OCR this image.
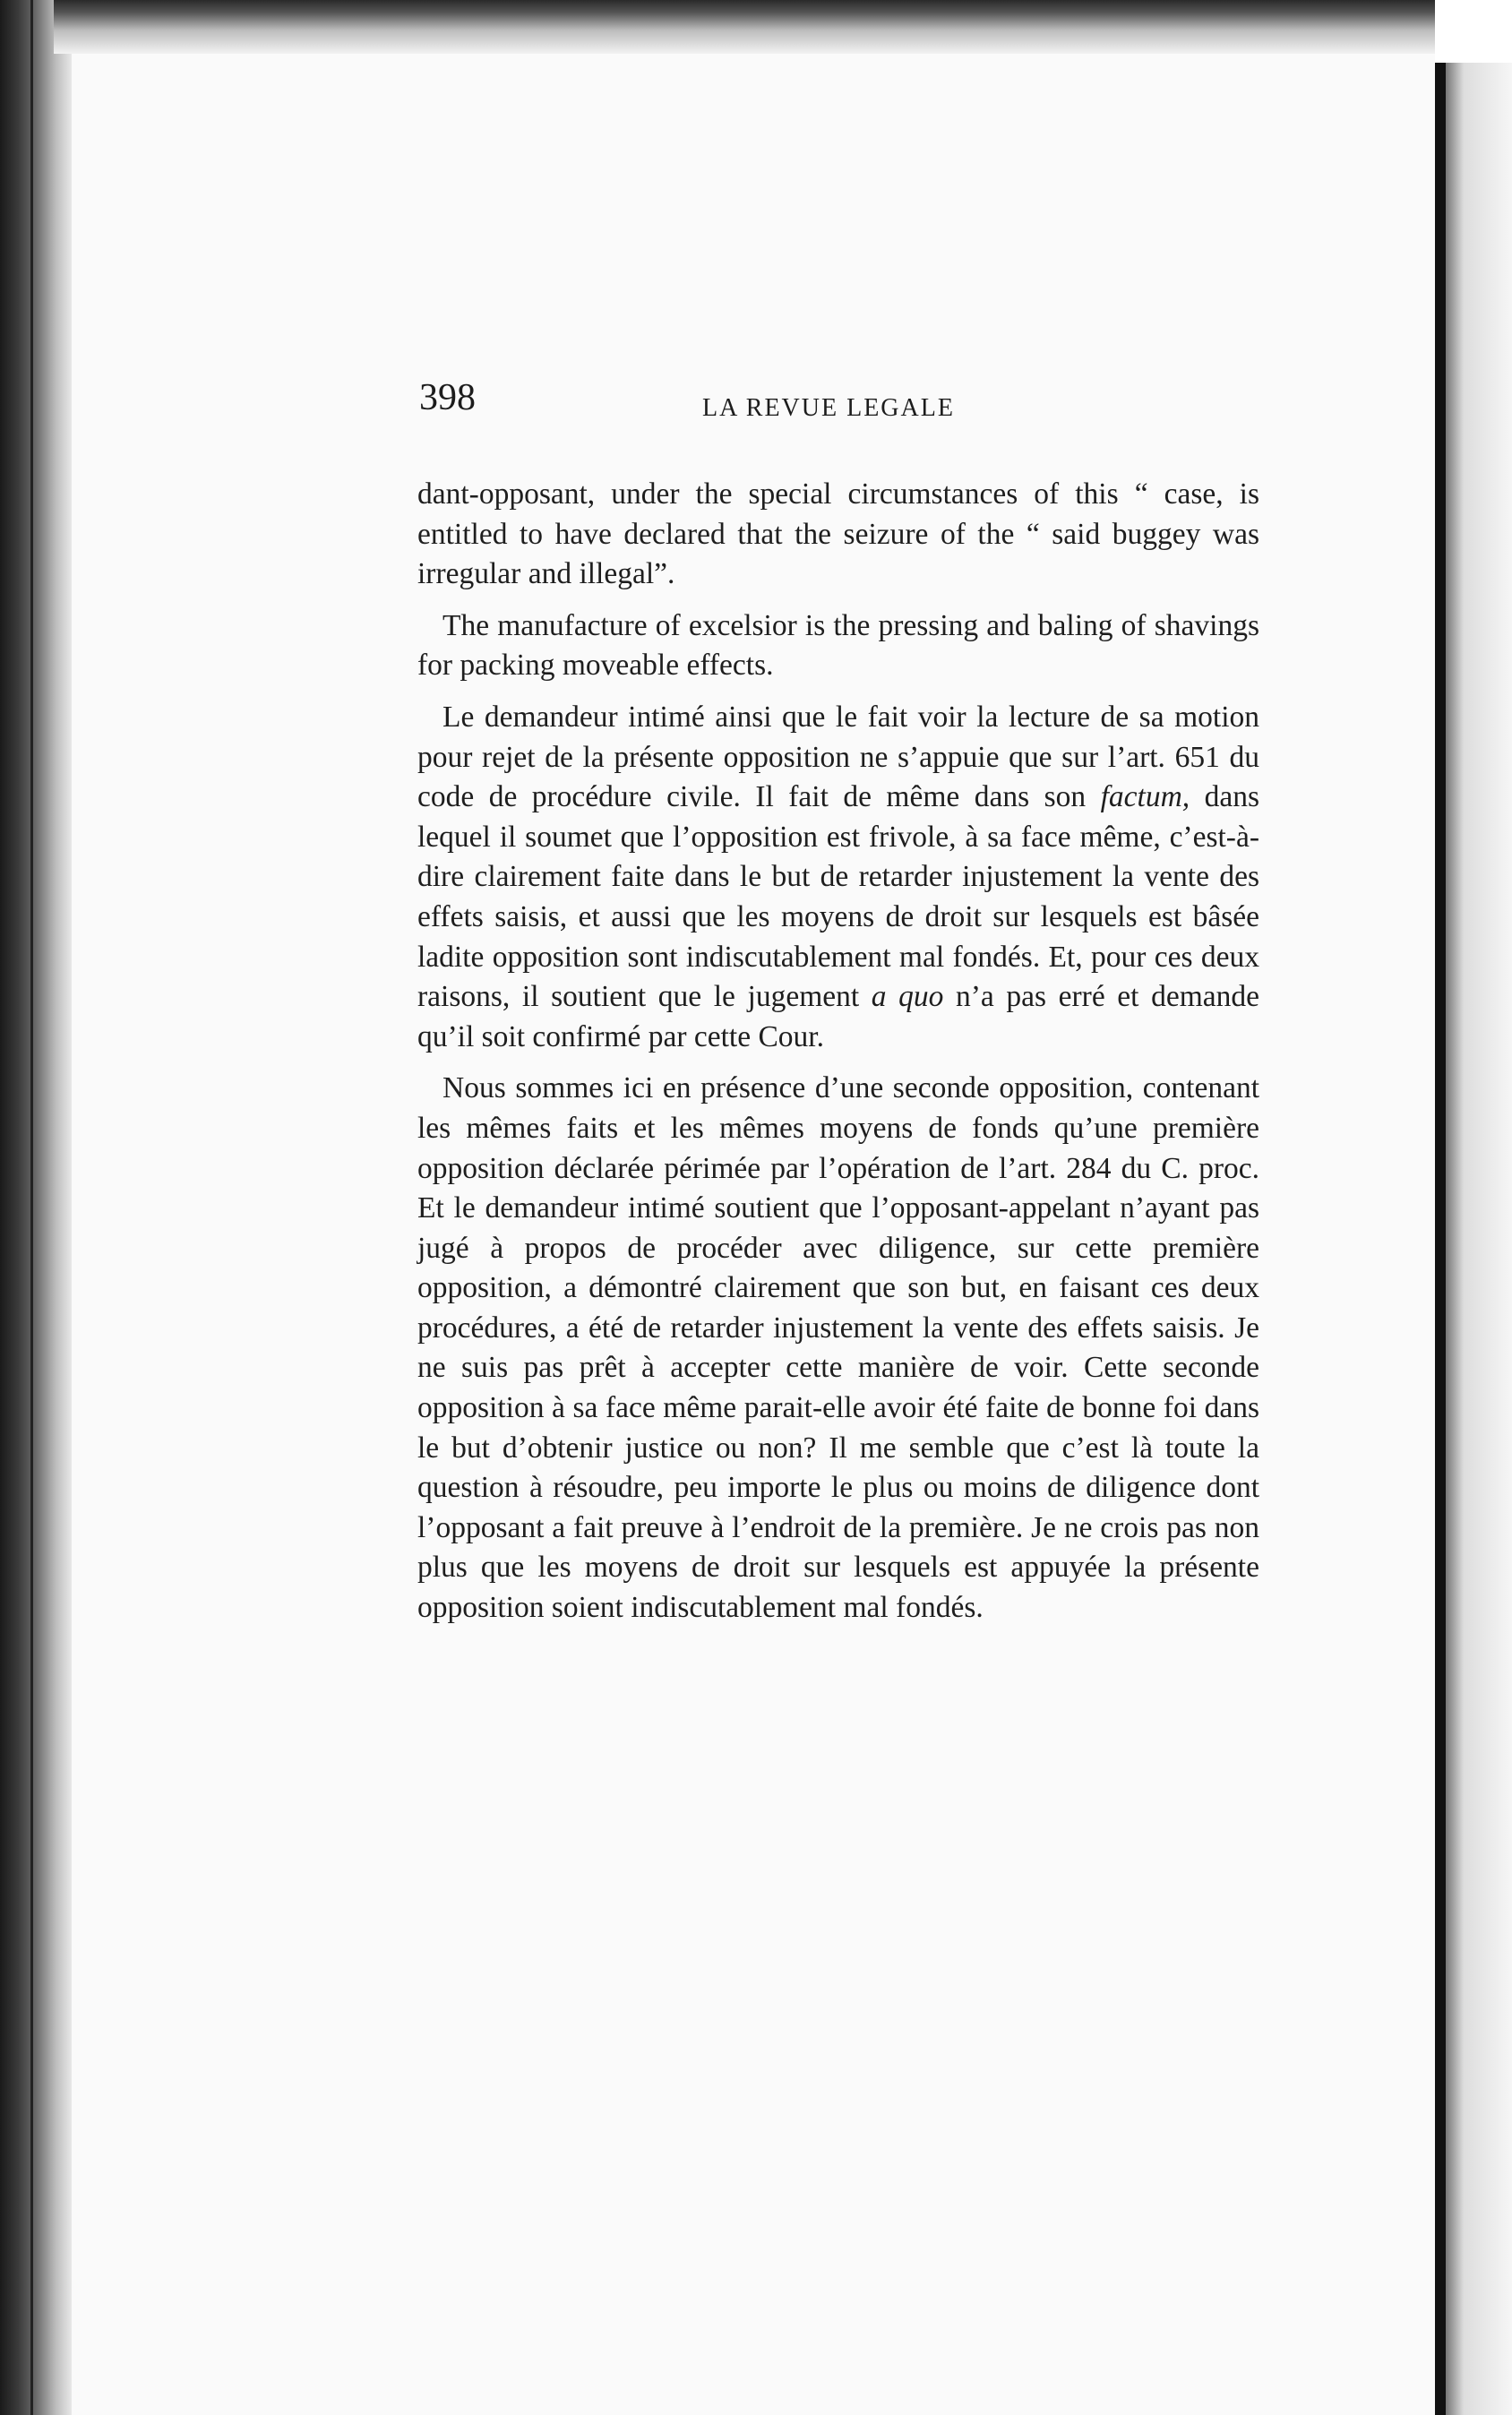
398	LA REVUE LEGALE

dant-opposant, under the special circumstances of this “ case, is entitled to have declared that the seizure of the “ said buggey was irregular and illegal”.

The manufacture of excelsior is the pressing and baling of shavings for packing moveable effects.

Le demandeur intimé ainsi que le fait voir la lecture de sa motion pour rejet de la présente opposition ne s’appuie que sur l’art. 651 du code de procédure civile. Il fait de même dans son factum, dans lequel il soumet que l’opposition est frivole, à sa face même, c’est-à-dire clairement faite dans le but de retarder injustement la vente des effets saisis, et aussi que les moyens de droit sur lesquels est bâsée ladite opposition sont indiscutablement mal fondés. Et, pour ces deux raisons, il soutient que le jugement a quo n’a pas erré et demande qu’il soit confirmé par cette Cour.

Nous sommes ici en présence d’une seconde opposition, contenant les mêmes faits et les mêmes moyens de fonds qu’une première opposition déclarée périmée par l’opération de l’art. 284 du C. proc. Et le demandeur intimé soutient que l’opposant-appelant n’ayant pas jugé à propos de procéder avec diligence, sur cette première opposition, a démontré clairement que son but, en faisant ces deux procédures, a été de retarder injustement la vente des effets saisis. Je ne suis pas prêt à accepter cette manière de voir. Cette seconde opposition à sa face même parait-elle avoir été faite de bonne foi dans le but d’obtenir justice ou non? Il me semble que c’est là toute la question à résoudre, peu importe le plus ou moins de diligence dont l’opposant a fait preuve à l’endroit de la première. Je ne crois pas non plus que les moyens de droit sur lesquels est appuyée la présente opposition soient indiscutablement mal fondés.
